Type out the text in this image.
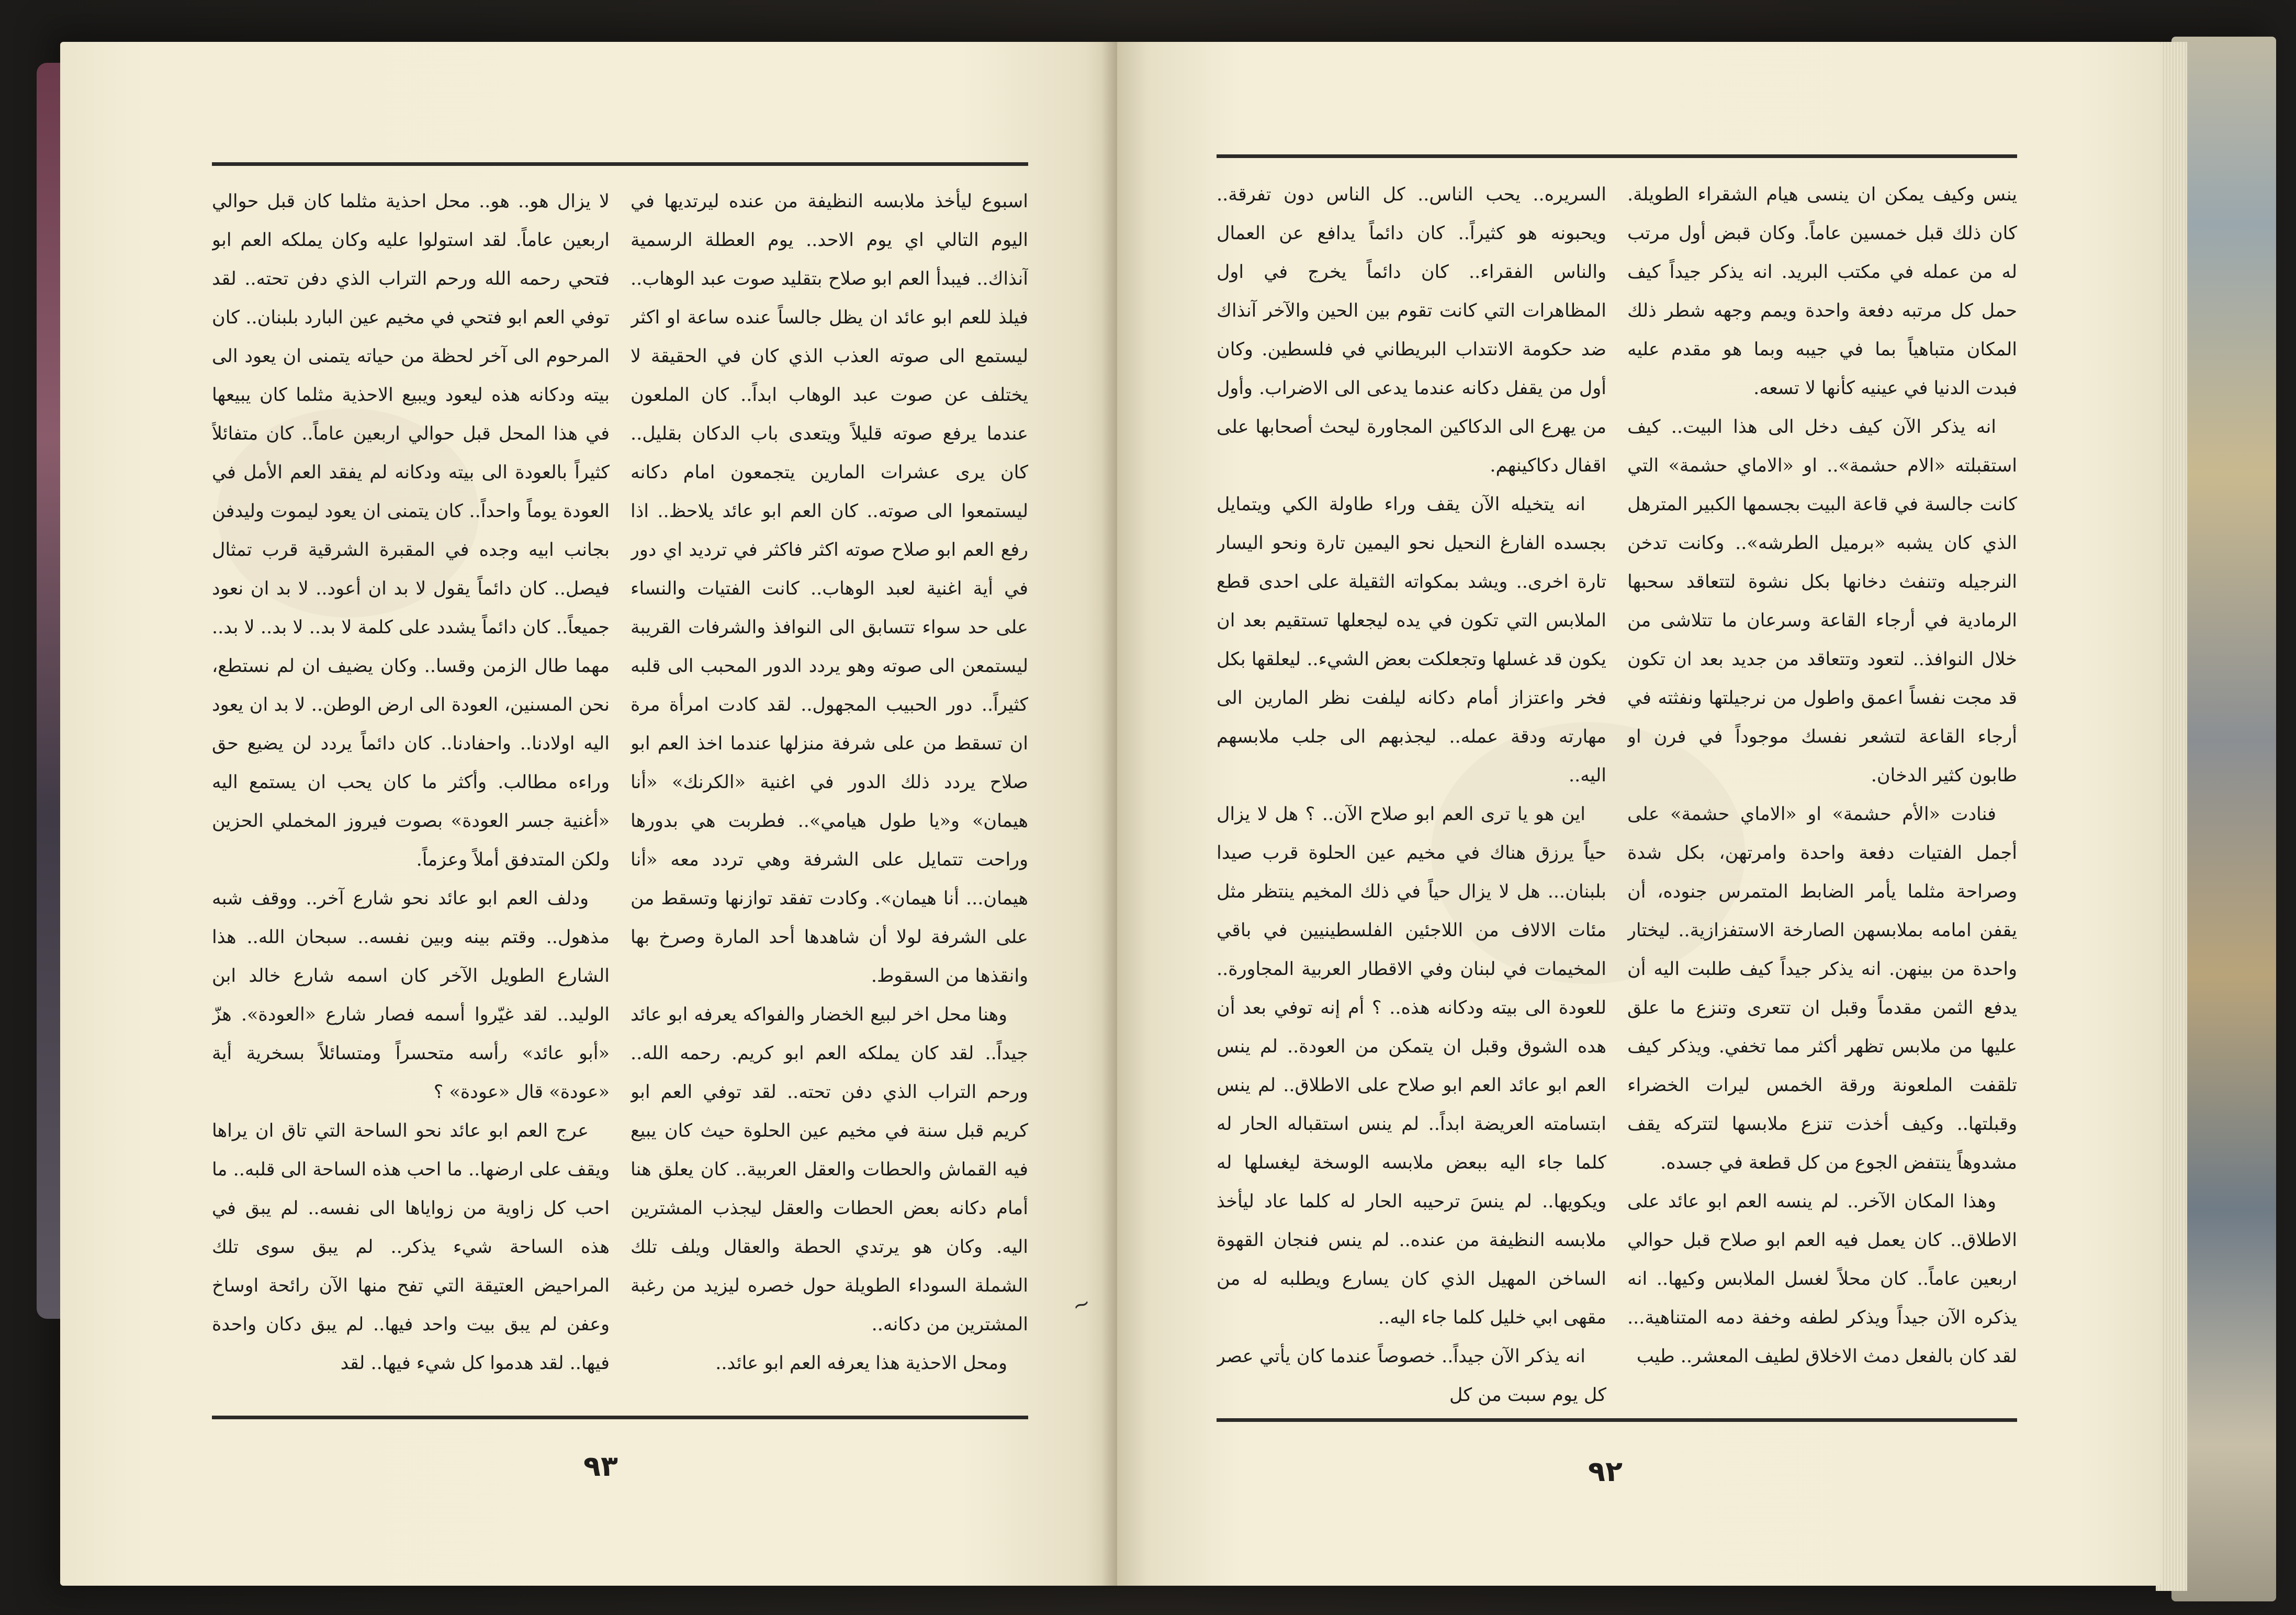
اسبوع ليأخذ ملابسه النظيفة من عنده ليرتديها في اليوم التالي اي يوم الاحد.. يوم العطلة الرسمية آنذاك.. فيبدأ العم ابو صلاح بتقليد صوت عبد الوهاب.. فيلذ للعم ابو عائد ان يظل جالساً عنده ساعة او اكثر ليستمع الى صوته العذب الذي كان في الحقيقة لا يختلف عن صوت عبد الوهاب ابداً.. كان الملعون عندما يرفع صوته قليلاً ويتعدى باب الدكان بقليل.. كان يرى عشرات المارين يتجمعون امام دكانه ليستمعوا الى صوته.. كان العم ابو عائد يلاحظ.. اذا رفع العم ابو صلاح صوته اكثر فاكثر في ترديد اي دور في أية اغنية لعبد الوهاب.. كانت الفتيات والنساء على حد سواء تتسابق الى النوافذ والشرفات القريبة ليستمعن الى صوته وهو يردد الدور المحبب الى قلبه كثيراً.. دور الحبيب المجهول.. لقد كادت امرأة مرة ان تسقط من على شرفة منزلها عندما اخذ العم ابو صلاح يردد ذلك الدور في اغنية «الكرنك» «أنا هيمان» و«يا طول هيامي».. فطربت هي بدورها وراحت تتمايل على الشرفة وهي تردد معه «أنا هيمان... أنا هيمان». وكادت تفقد توازنها وتسقط من على الشرفة لولا أن شاهدها أحد المارة وصرخ بها وانقذها من السقوط.

وهنا محل اخر لبيع الخضار والفواكه يعرفه ابو عائد جيداً.. لقد كان يملكه العم ابو كريم. رحمه الله.. ورحم التراب الذي دفن تحته.. لقد توفي العم ابو كريم قبل سنة في مخيم عين الحلوة حيث كان يبيع فيه القماش والحطات والعقل العربية.. كان يعلق هنا أمام دكانه بعض الحطات والعقل ليجذب المشترين اليه. وكان هو يرتدي الحطة والعقال ويلف تلك الشملة السوداء الطويلة حول خصره ليزيد من رغبة المشترين من دكانه..

ومحل الاحذية هذا يعرفه العم ابو عائد..

لا يزال هو.. هو.. محل احذية مثلما كان قبل حوالي اربعين عاماً. لقد استولوا عليه وكان يملكه العم ابو فتحي رحمه الله ورحم التراب الذي دفن تحته.. لقد توفي العم ابو فتحي في مخيم عين البارد بلبنان.. كان المرحوم الى آخر لحظة من حياته يتمنى ان يعود الى بيته ودكانه هذه ليعود ويبيع الاحذية مثلما كان يبيعها في هذا المحل قبل حوالي اربعين عاماً.. كان متفائلاً كثيراً بالعودة الى بيته ودكانه لم يفقد العم الأمل في العودة يوماً واحداً.. كان يتمنى ان يعود ليموت وليدفن بجانب ابيه وجده في المقبرة الشرقية قرب تمثال فيصل.. كان دائماً يقول لا بد ان أعود.. لا بد ان نعود جميعاً.. كان دائماً يشدد على كلمة لا بد.. لا بد.. لا بد.. مهما طال الزمن وقسا.. وكان يضيف ان لم نستطع، نحن المسنين، العودة الى ارض الوطن.. لا بد ان يعود اليه اولادنا.. واحفادنا.. كان دائماً يردد لن يضيع حق وراءه مطالب. وأكثر ما كان يحب ان يستمع اليه «أغنية جسر العودة» بصوت فيروز المخملي الحزين ولكن المتدفق أملاً وعزماً.

ودلف العم ابو عائد نحو شارع آخر.. ووقف شبه مذهول.. وقتم بينه وبين نفسه.. سبحان الله.. هذا الشارع الطويل الآخر كان اسمه شارع خالد ابن الوليد.. لقد غيّروا أسمه فصار شارع «العودة». هزّ «أبو عائد» رأسه متحسراً ومتسائلاً بسخرية أية «عودة» قال «عودة» ؟

عرج العم ابو عائد نحو الساحة التي تاق ان يراها ويقف على ارضها.. ما احب هذه الساحة الى قلبه.. ما احب كل زاوية من زواياها الى نفسه.. لم يبق في هذه الساحة شيء يذكر.. لم يبق سوى تلك المراحيض العتيقة التي تفح منها الآن رائحة اوساخ وعفن لم يبق بيت واحد فيها.. لم يبق دكان واحدة فيها.. لقد هدموا كل شيء فيها.. لقد

٩٣
~

ينس وكيف يمكن ان ينسى هيام الشقراء الطويلة. كان ذلك قبل خمسين عاماً. وكان قبض أول مرتب له من عمله في مكتب البريد. انه يذكر جيداً كيف حمل كل مرتبه دفعة واحدة ويمم وجهه شطر ذلك المكان متباهياً بما في جيبه وبما هو مقدم عليه فبدت الدنيا في عينيه كأنها لا تسعه.

انه يذكر الآن كيف دخل الى هذا البيت.. كيف استقبلته «الام حشمة».. او «الاماي حشمة» التي كانت جالسة في قاعة البيت بجسمها الكبير المترهل الذي كان يشبه «برميل الطرشه».. وكانت تدخن النرجيله وتنفث دخانها بكل نشوة لتتعاقد سحبها الرمادية في أرجاء القاعة وسرعان ما تتلاشى من خلال النوافذ.. لتعود وتتعاقد من جديد بعد ان تكون قد مجت نفساً اعمق واطول من نرجيلتها ونفثته في أرجاء القاعة لتشعر نفسك موجوداً في فرن او طابون كثير الدخان.

فنادت «الأم حشمة» او «الاماي حشمة» على أجمل الفتيات دفعة واحدة وامرتهن، بكل شدة وصراحة مثلما يأمر الضابط المتمرس جنوده، أن يقفن امامه بملابسهن الصارخة الاستفزازية.. ليختار واحدة من بينهن. انه يذكر جيداً كيف طلبت اليه أن يدفع الثمن مقدماً وقبل ان تتعرى وتنزع ما علق عليها من ملابس تظهر أكثر مما تخفي. ويذكر كيف تلقفت الملعونة ورقة الخمس ليرات الخضراء وقبلتها.. وكيف أخذت تنزع ملابسها لتتركه يقف مشدوهاً ينتفض الجوع من كل قطعة في جسده.

وهذا المكان الآخر.. لم ينسه العم ابو عائد على الاطلاق.. كان يعمل فيه العم ابو صلاح قبل حوالي اربعين عاماً.. كان محلاً لغسل الملابس وكيها.. انه يذكره الآن جيداً ويذكر لطفه وخفة دمه المتناهية... لقد كان بالفعل دمث الاخلاق لطيف المعشر.. طيب

السريره.. يحب الناس.. كل الناس دون تفرقة.. ويحبونه هو كثيراً.. كان دائماً يدافع عن العمال والناس الفقراء.. كان دائماً يخرج في اول المظاهرات التي كانت تقوم بين الحين والآخر آنذاك ضد حكومة الانتداب البريطاني في فلسطين. وكان أول من يقفل دكانه عندما يدعى الى الاضراب. وأول من يهرع الى الدكاكين المجاورة ليحث أصحابها على اقفال دكاكينهم.

انه يتخيله الآن يقف وراء طاولة الكي ويتمايل بجسده الفارغ النحيل نحو اليمين تارة ونحو اليسار تارة اخرى.. ويشد بمكواته الثقيلة على احدى قطع الملابس التي تكون في يده ليجعلها تستقيم بعد ان يكون قد غسلها وتجعلكت بعض الشيء.. ليعلقها بكل فخر واعتزاز أمام دكانه ليلفت نظر المارين الى مهارته ودقة عمله.. ليجذبهم الى جلب ملابسهم اليه..

اين هو يا ترى العم ابو صلاح الآن.. ؟ هل لا يزال حياً يرزق هناك في مخيم عين الحلوة قرب صيدا بلبنان... هل لا يزال حياً في ذلك المخيم ينتظر مثل مئات الالاف من اللاجئين الفلسطينيين في باقي المخيمات في لبنان وفي الاقطار العربية المجاورة.. للعودة الى بيته ودكانه هذه.. ؟ أم إنه توفي بعد أن هده الشوق وقبل ان يتمكن من العودة.. لم ينس العم ابو عائد العم ابو صلاح على الاطلاق.. لم ينس ابتسامته العريضة ابداً.. لم ينس استقباله الحار له كلما جاء اليه ببعض ملابسه الوسخة ليغسلها له ويكويها.. لم ينسَ ترحيبه الحار له كلما عاد ليأخذ ملابسه النظيفة من عنده.. لم ينس فنجان القهوة الساخن المهيل الذي كان يسارع ويطلبه له من مقهى ابي خليل كلما جاء اليه..

انه يذكر الآن جيداً.. خصوصاً عندما كان يأتي عصر كل يوم سبت من كل

٩٢
